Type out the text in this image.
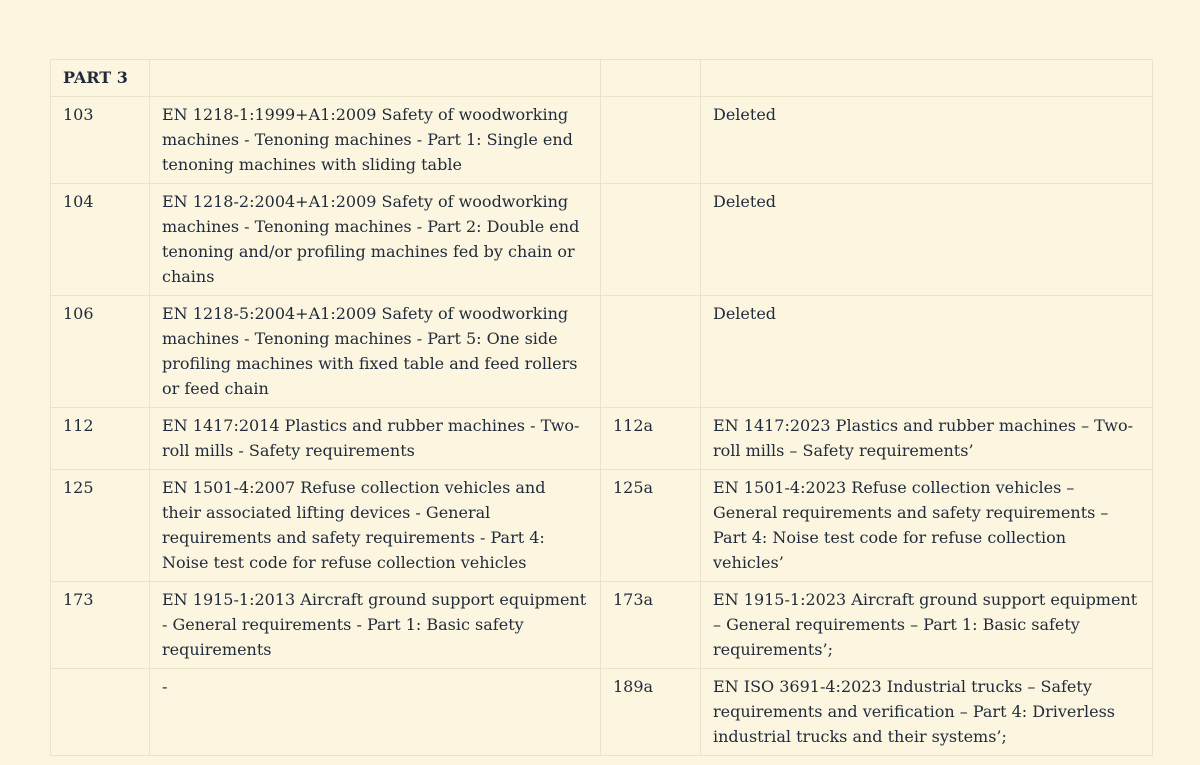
PART 3			
103	EN 1218-1:1999+A1:2009 Safety of woodworking machines - Tenoning machines - Part 1: Single end tenoning machines with sliding table		Deleted
104	EN 1218-2:2004+A1:2009 Safety of woodworking machines - Tenoning machines - Part 2: Double end tenoning and/or profiling machines fed by chain or chains		Deleted
106	EN 1218-5:2004+A1:2009 Safety of woodworking machines - Tenoning machines - Part 5: One side profiling machines with fixed table and feed rollers or feed chain		Deleted
112	EN 1417:2014 Plastics and rubber machines - Two-roll mills - Safety requirements	112a	EN 1417:2023 Plastics and rubber machines – Two-roll mills – Safety requirements’
125	EN 1501-4:2007 Refuse collection vehicles and their associated lifting devices - General requirements and safety requirements - Part 4: Noise test code for refuse collection vehicles	125a	EN 1501-4:2023 Refuse collection vehicles – General requirements and safety requirements – Part 4: Noise test code for refuse collection vehicles’
173	EN 1915-1:2013 Aircraft ground support equipment - General requirements - Part 1: Basic safety requirements	173a	EN 1915-1:2023 Aircraft ground support equipment – General requirements – Part 1: Basic safety requirements’;
	-	189a	EN ISO 3691-4:2023 Industrial trucks – Safety requirements and verification – Part 4: Driverless industrial trucks and their systems’;
